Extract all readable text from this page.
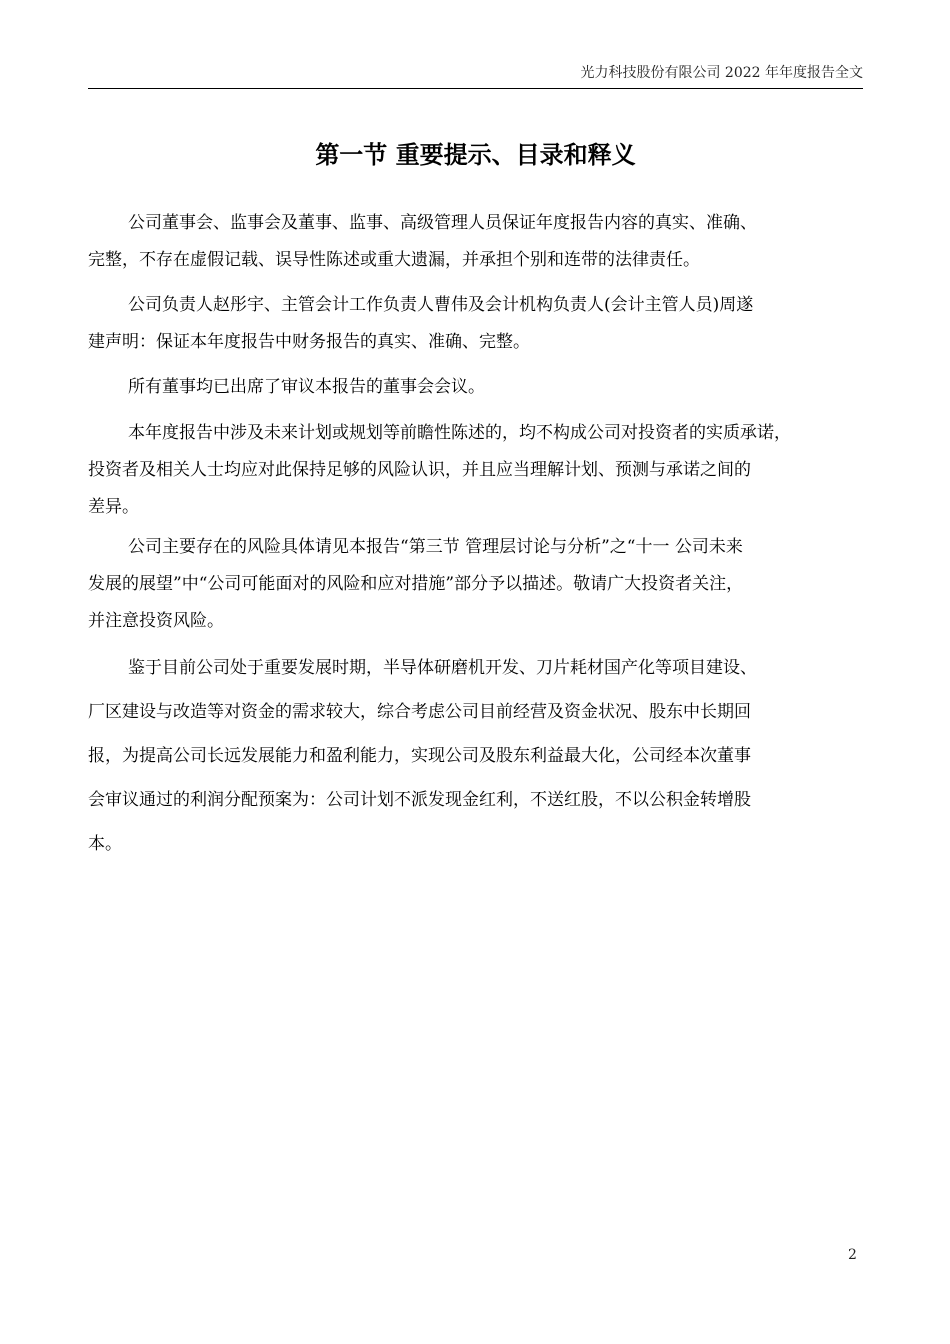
光力科技股份有限公司 2022 年年度报告全文
第一节 重要提示、目录和释义
公司董事会、监事会及董事、监事、高级管理人员保证年度报告内容的真实、准确、
完整，不存在虚假记载、误导性陈述或重大遗漏，并承担个别和连带的法律责任。
公司负责人赵彤宇、主管会计工作负责人曹伟及会计机构负责人(会计主管人员)周遂
建声明：保证本年度报告中财务报告的真实、准确、完整。
所有董事均已出席了审议本报告的董事会会议。
本年度报告中涉及未来计划或规划等前瞻性陈述的，均不构成公司对投资者的实质承诺，
投资者及相关人士均应对此保持足够的风险认识，并且应当理解计划、预测与承诺之间的
差异。
公司主要存在的风险具体请见本报告“第三节 管理层讨论与分析”之“十一 公司未来
发展的展望”中“公司可能面对的风险和应对措施”部分予以描述。敬请广大投资者关注，
并注意投资风险。
鉴于目前公司处于重要发展时期，半导体研磨机开发、刀片耗材国产化等项目建设、
厂区建设与改造等对资金的需求较大，综合考虑公司目前经营及资金状况、股东中长期回
报，为提高公司长远发展能力和盈利能力，实现公司及股东利益最大化，公司经本次董事
会审议通过的利润分配预案为：公司计划不派发现金红利，不送红股，不以公积金转增股
本。
2
